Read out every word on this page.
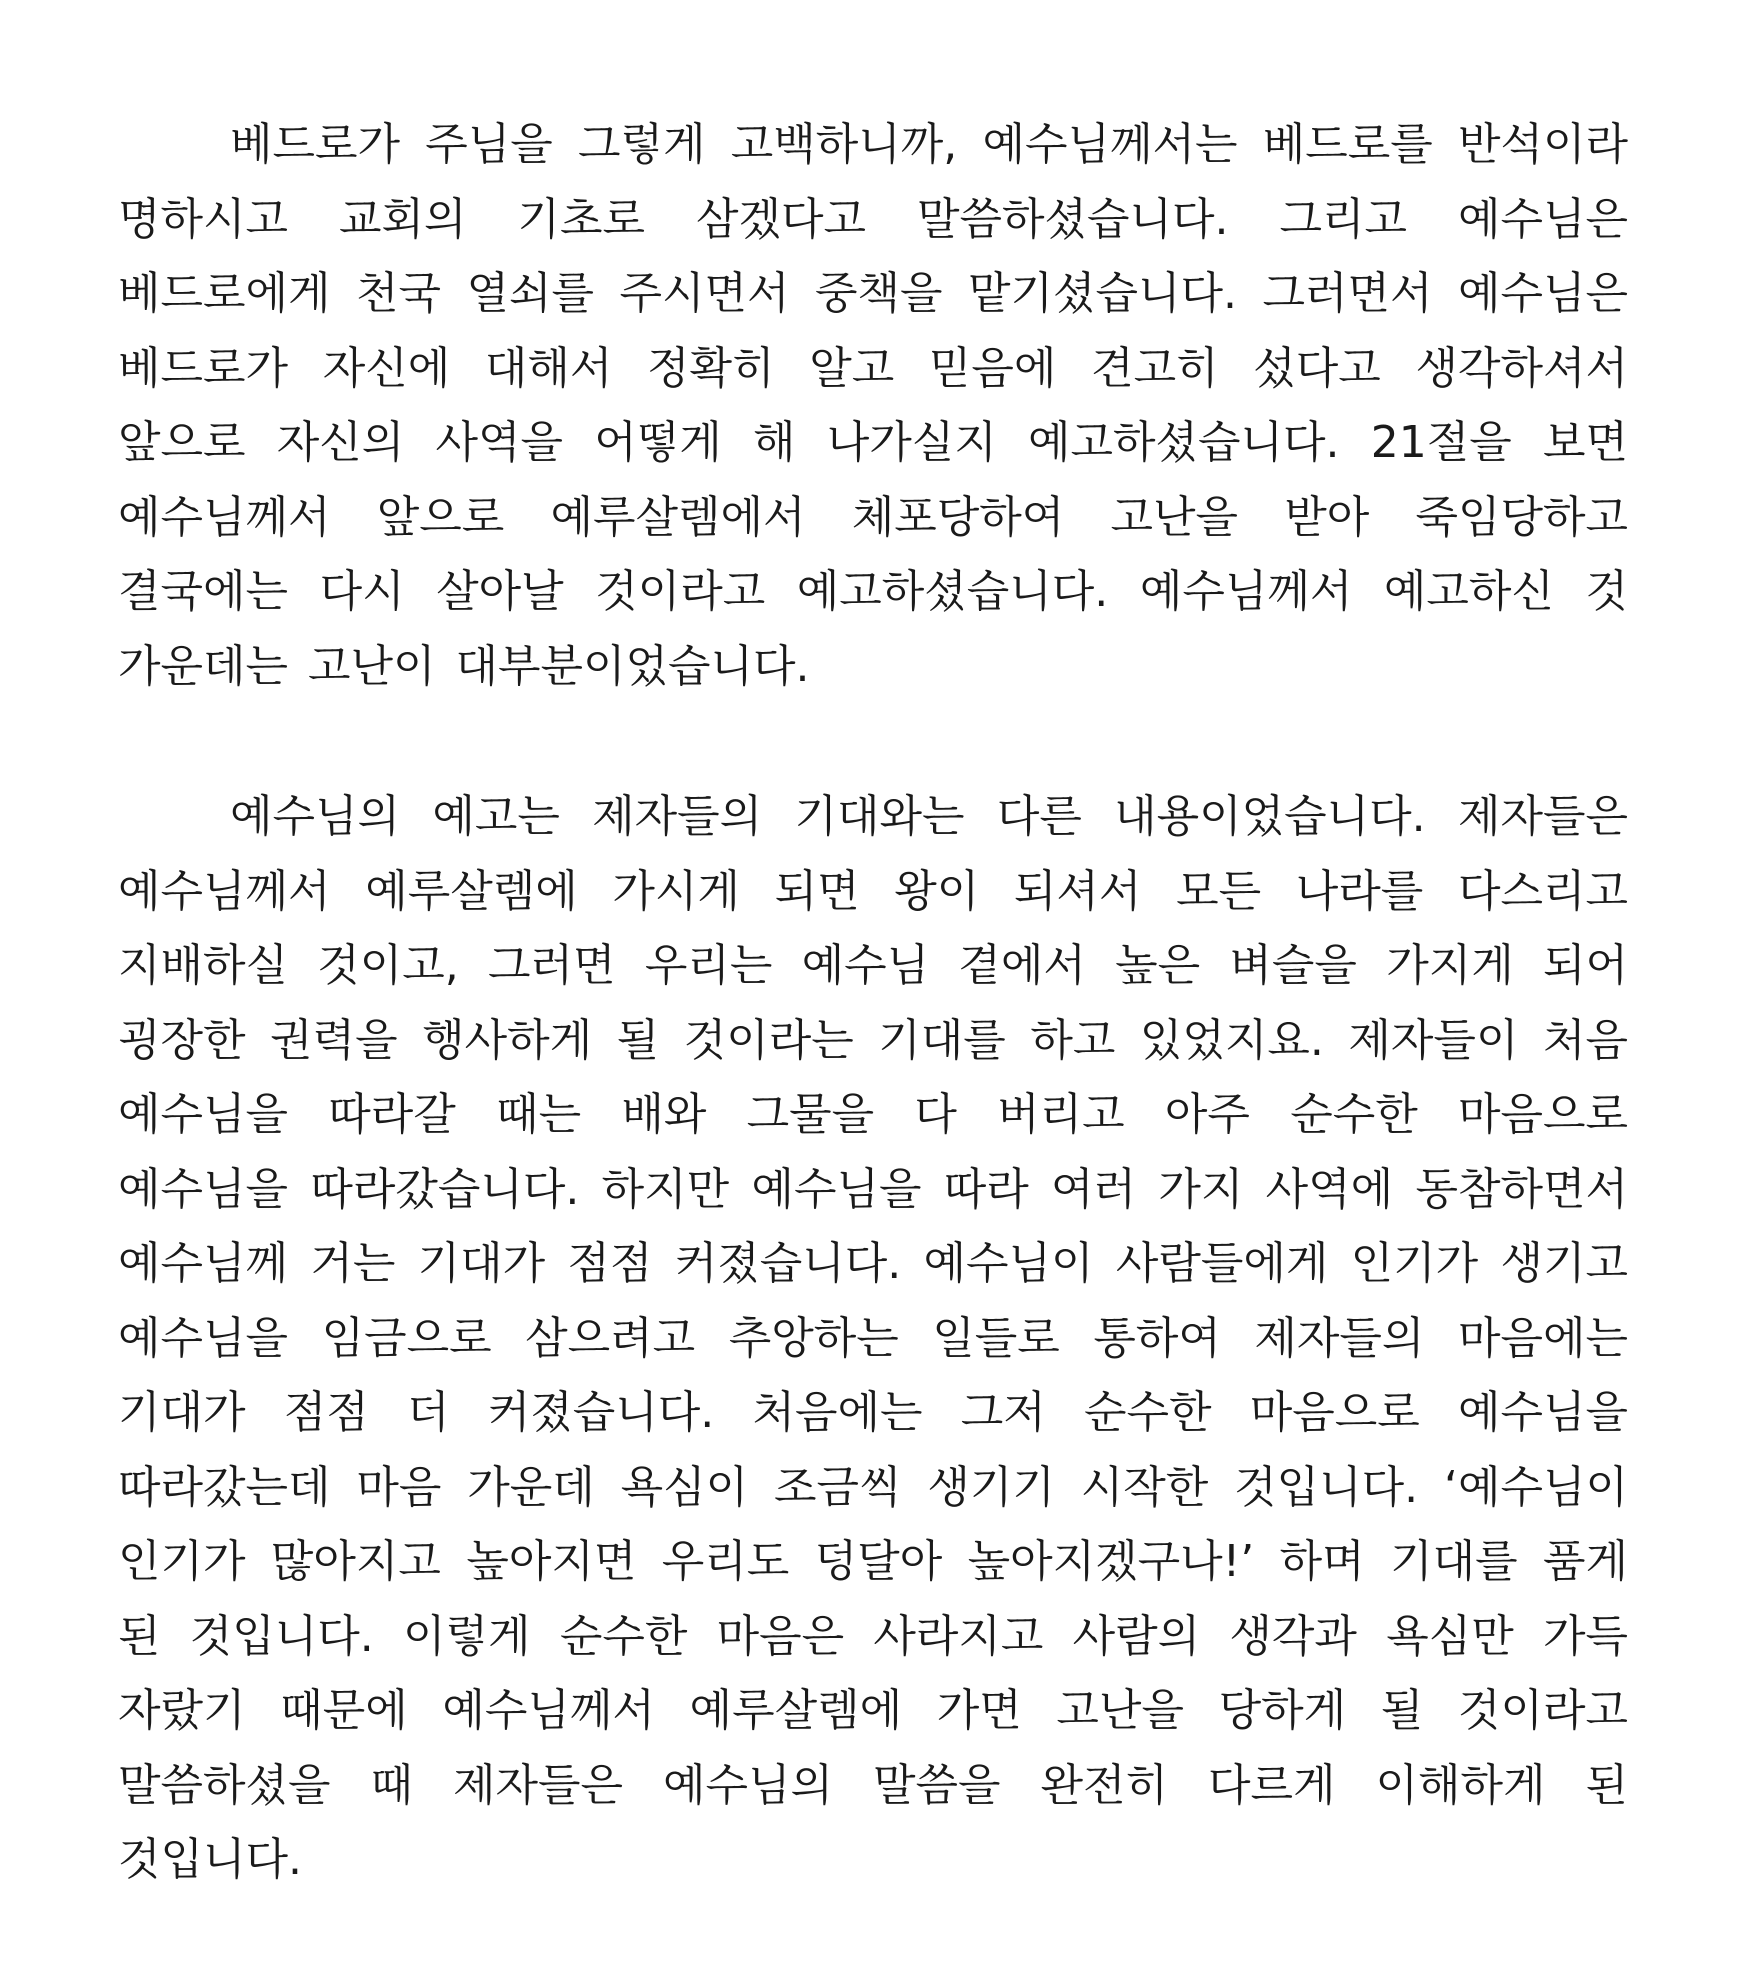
베드로가 주님을 그렇게 고백하니까, 예수님께서는 베드로를 반석이라 명하시고 교회의 기초로 삼겠다고 말씀하셨습니다. 그리고 예수님은 베드로에게 천국 열쇠를 주시면서 중책을 맡기셨습니다. 그러면서 예수님은 베드로가 자신에 대해서 정확히 알고 믿음에 견고히 섰다고 생각하셔서 앞으로 자신의 사역을 어떻게 해 나가실지 예고하셨습니다. 21절을 보면 예수님께서 앞으로 예루살렘에서 체포당하여 고난을 받아 죽임당하고 결국에는 다시 살아날 것이라고 예고하셨습니다. 예수님께서 예고하신 것 가운데는 고난이 대부분이었습니다.

예수님의 예고는 제자들의 기대와는 다른 내용이었습니다. 제자들은 예수님께서 예루살렘에 가시게 되면 왕이 되셔서 모든 나라를 다스리고 지배하실 것이고, 그러면 우리는 예수님 곁에서 높은 벼슬을 가지게 되어 굉장한 권력을 행사하게 될 것이라는 기대를 하고 있었지요. 제자들이 처음 예수님을 따라갈 때는 배와 그물을 다 버리고 아주 순수한 마음으로 예수님을 따라갔습니다. 하지만 예수님을 따라 여러 가지 사역에 동참하면서 예수님께 거는 기대가 점점 커졌습니다. 예수님이 사람들에게 인기가 생기고 예수님을 임금으로 삼으려고 추앙하는 일들로 통하여 제자들의 마음에는 기대가 점점 더 커졌습니다. 처음에는 그저 순수한 마음으로 예수님을 따라갔는데 마음 가운데 욕심이 조금씩 생기기 시작한 것입니다. ‘예수님이 인기가 많아지고 높아지면 우리도 덩달아 높아지겠구나!’ 하며 기대를 품게 된 것입니다. 이렇게 순수한 마음은 사라지고 사람의 생각과 욕심만 가득 자랐기 때문에 예수님께서 예루살렘에 가면 고난을 당하게 될 것이라고 말씀하셨을 때 제자들은 예수님의 말씀을 완전히 다르게 이해하게 된 것입니다.
